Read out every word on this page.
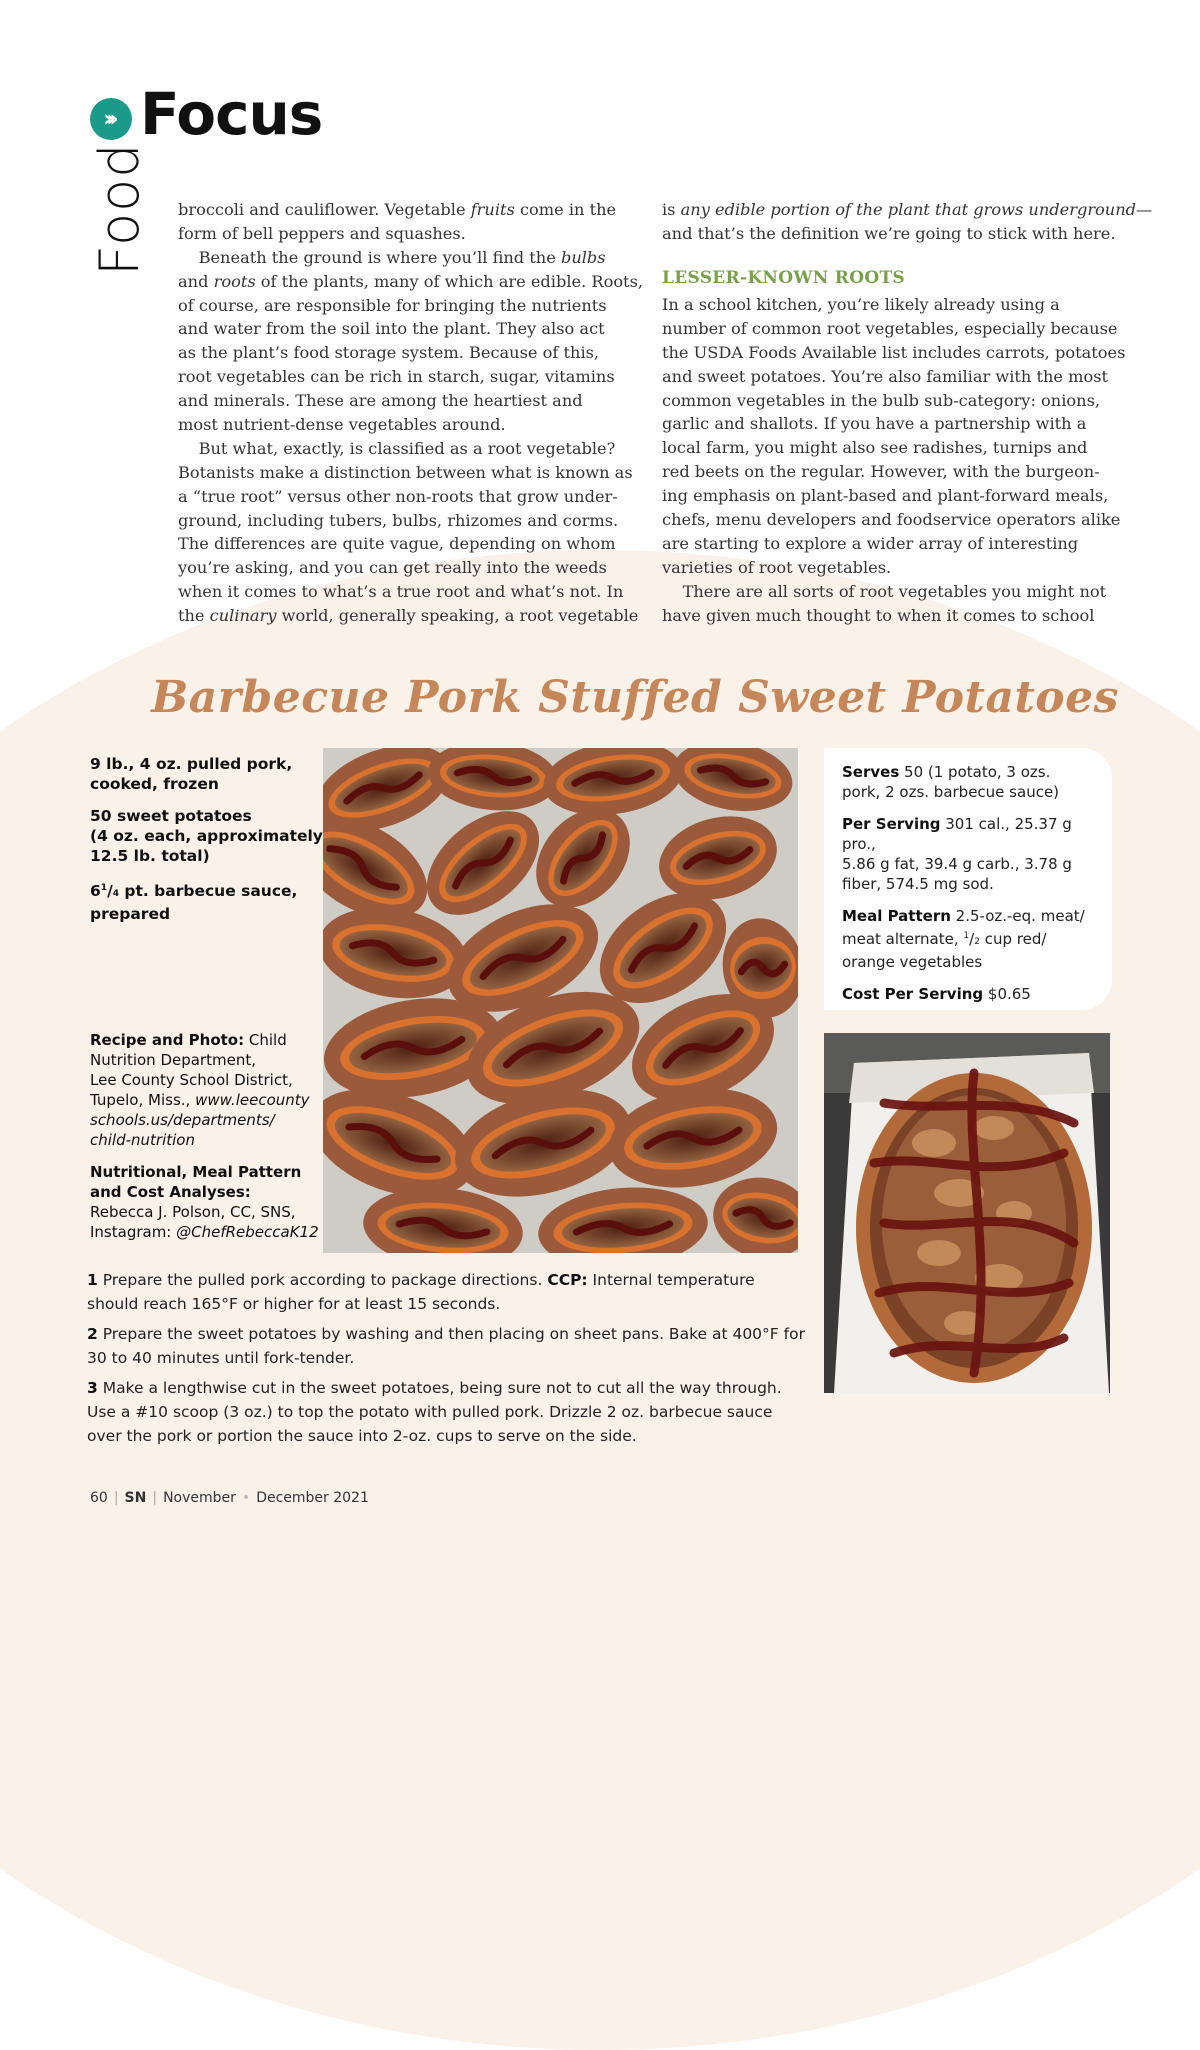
››› Focus
Food broccoli and cauliflower. Vegetable fruits come in the
form of bell peppers and squashes.
Beneath the ground is where you’ll find the bulbs
and roots of the plants, many of which are edible. Roots,
of course, are responsible for bringing the nutrients
and water from the soil into the plant. They also act
as the plant’s food storage system. Because of this,
root vegetables can be rich in starch, sugar, vitamins
and minerals. These are among the heartiest and
most nutrient-dense vegetables around.
But what, exactly, is classified as a root vegetable?
Botanists make a distinction between what is known as
a “true root” versus other non-roots that grow under-
ground, including tubers, bulbs, rhizomes and corms.
The differences are quite vague, depending on whom
you’re asking, and you can get really into the weeds
when it comes to what’s a true root and what’s not. In
the culinary world, generally speaking, a root vegetable
is any edible portion of the plant that grows underground—
and that’s the definition we’re going to stick with here.
LESSER-KNOWN ROOTS
In a school kitchen, you’re likely already using a
number of common root vegetables, especially because
the USDA Foods Available list includes carrots, potatoes
and sweet potatoes. You’re also familiar with the most
common vegetables in the bulb sub-category: onions,
garlic and shallots. If you have a partnership with a
local farm, you might also see radishes, turnips and
red beets on the regular. However, with the burgeon-
ing emphasis on plant-based and plant-forward meals,
chefs, menu developers and foodservice operators alike
are starting to explore a wider array of interesting
varieties of root vegetables.
There are all sorts of root vegetables you might not
have given much thought to when it comes to school
Barbecue Pork Stuffed Sweet Potatoes
9 lb., 4 oz. pulled pork,
cooked, frozen
50 sweet potatoes
(4 oz. each, approximately
12.5 lb. total)
$6^1/4$ pt. barbecue sauce,
prepared
Recipe and Photo: Child
Nutrition Department,
Lee County School District,
Tupelo, Miss., www.leecounty
schools.us/departments/
child-nutrition
Nutritional, Meal Pattern
and Cost Analyses:
Rebecca J. Polson, CC, SNS,
Instagram: @ChefRebeccaK12

Serves 50 (1 potato, 3 ozs.
pork, 2 ozs. barbecue sauce)

Per Serving 301 cal., 25.37 g pro.,
5.86 g fat, 39.4 g carb., 3.78 g
fiber, 574.5 mg sod.

Meal Pattern 2.5-oz.-eq. meat/
meat alternate, $^1$/2 cup red/
orange vegetables

Cost Per Serving $0.65

1 Prepare the pulled pork according to package directions. CCP: Internal temperature
should reach 165°F or higher for at least 15 seconds.

2 Prepare the sweet potatoes by washing and then placing on sheet pans. Bake at 400°F for
30 to 40 minutes until fork-tender.

3 Make a lengthwise cut in the sweet potatoes, being sure not to cut all the way through.
Use a #10 scoop (3 oz.) to top the potato with pulled pork. Drizzle 2 oz. barbecue sauce
over the pork or portion the sauce into 2-oz. cups to serve on the side.

60 | SN | November • December 2021
